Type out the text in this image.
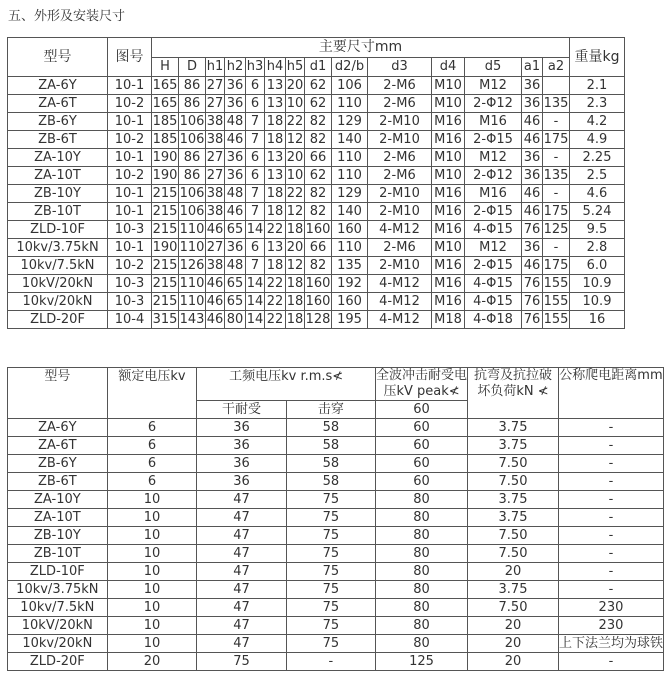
五、外形及安装尺寸
型号	图号	主要尺寸mm														重量kg
		H	D	h1	h2	h3	h4	h5	d1	d2/b	d3	d4	d5	a1	a2	
ZA-6Y	10-1	165	86	27	36	6	13	20	62	106	2-M6	M10	M12	36		2.1
ZA-6T	10-2	165	86	27	36	6	13	10	62	110	2-M6	M10	2-Φ12	36	135	2.3
ZB-6Y	10-1	185	106	38	48	7	18	22	82	129	2-M10	M16	M16	46	-	4.2
ZB-6T	10-2	185	106	38	46	7	18	12	82	140	2-M10	M16	2-Φ15	46	175	4.9
ZA-10Y	10-1	190	86	27	36	6	13	20	66	110	2-M6	M10	M12	36	-	2.25
ZA-10T	10-2	190	86	27	36	6	13	10	62	110	2-M6	M10	2-Φ12	36	135	2.5
ZB-10Y	10-1	215	106	38	48	7	18	22	82	129	2-M10	M16	M16	46	-	4.6
ZB-10T	10-1	215	106	38	46	7	18	12	82	140	2-M10	M16	2-Φ15	46	175	5.24
ZLD-10F	10-3	215	110	46	65	14	22	18	160	160	4-M12	M16	4-Φ15	76	125	9.5
10kv/3.75kN	10-1	190	110	27	36	6	13	20	66	110	2-M6	M10	M12	36	-	2.8
10kv/7.5kN	10-2	215	126	38	48	7	18	12	82	135	2-M10	M16	2-Φ15	46	175	6.0
10kV/20kN	10-3	215	110	46	65	14	22	18	160	192	4-M12	M16	4-Φ15	76	155	10.9
10kv/20kN	10-3	215	110	46	65	14	22	18	160	160	4-M12	M16	4-Φ15	76	155	10.9
ZLD-20F	10-4	315	143	46	80	14	22	18	128	195	4-M12	M18	4-Φ18	76	155	16
型号	额定电压kv	工频电压kv r.m.s≮		全波冲击耐受电压kV peak≮	抗弯及抗拉破坏负荷kN ≮	公称爬电距离mm

		干耐受	击穿	60		
ZA-6Y	6	36	58	60	3.75	-
ZA-6T	6	36	58	60	3.75	-
ZB-6Y	6	36	58	60	7.50	-
ZB-6T	6	36	58	60	7.50	-
ZA-10Y	10	47	75	80	3.75	-
ZA-10T	10	47	75	80	3.75	-
ZB-10Y	10	47	75	80	7.50	-
ZB-10T	10	47	75	80	7.50	-
ZLD-10F	10	47	75	80	20	-
10kv/3.75kN	10	47	75	80	3.75	-
10kv/7.5kN	10	47	75	80	7.50	230
10kV/20kN	10	47	75	80	20	230
10kv/20kN	10	47	75	80	20	上下法兰均为球铁
ZLD-20F	20	75	-	125	20	-
